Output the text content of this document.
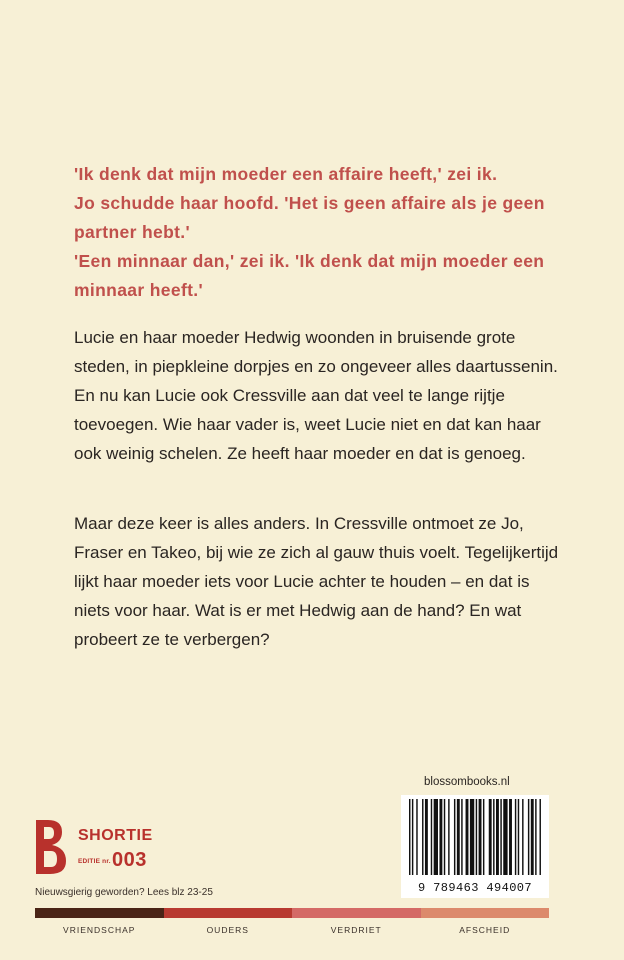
'Ik denk dat mijn moeder een affaire heeft,' zei ik.

Jo schudde haar hoofd. 'Het is geen affaire als je geen partner hebt.'

'Een minnaar dan,' zei ik. 'Ik denk dat mijn moeder een minnaar heeft.'

Lucie en haar moeder Hedwig woonden in bruisende grote steden, in piepkleine dorpjes en zo ongeveer alles daartussenin. En nu kan Lucie ook Cressville aan dat veel te lange rijtje toevoegen. Wie haar vader is, weet Lucie niet en dat kan haar ook weinig schelen. Ze heeft haar moeder en dat is genoeg.

Maar deze keer is alles anders. In Cressville ontmoet ze Jo, Fraser en Takeo, bij wie ze zich al gauw thuis voelt. Tegelijkertijd lijkt haar moeder iets voor Lucie achter te houden – en dat is niets voor haar. Wat is er met Hedwig aan de hand? En wat probeert ze te verbergen?

blossombooks.nl
9 789463 494007
SHORTIE
EDITIE nr. 003
Nieuwsgierig geworden? Lees blz 23-25
VRIENDSCHAP	OUDERS	VERDRIET	AFSCHEID
